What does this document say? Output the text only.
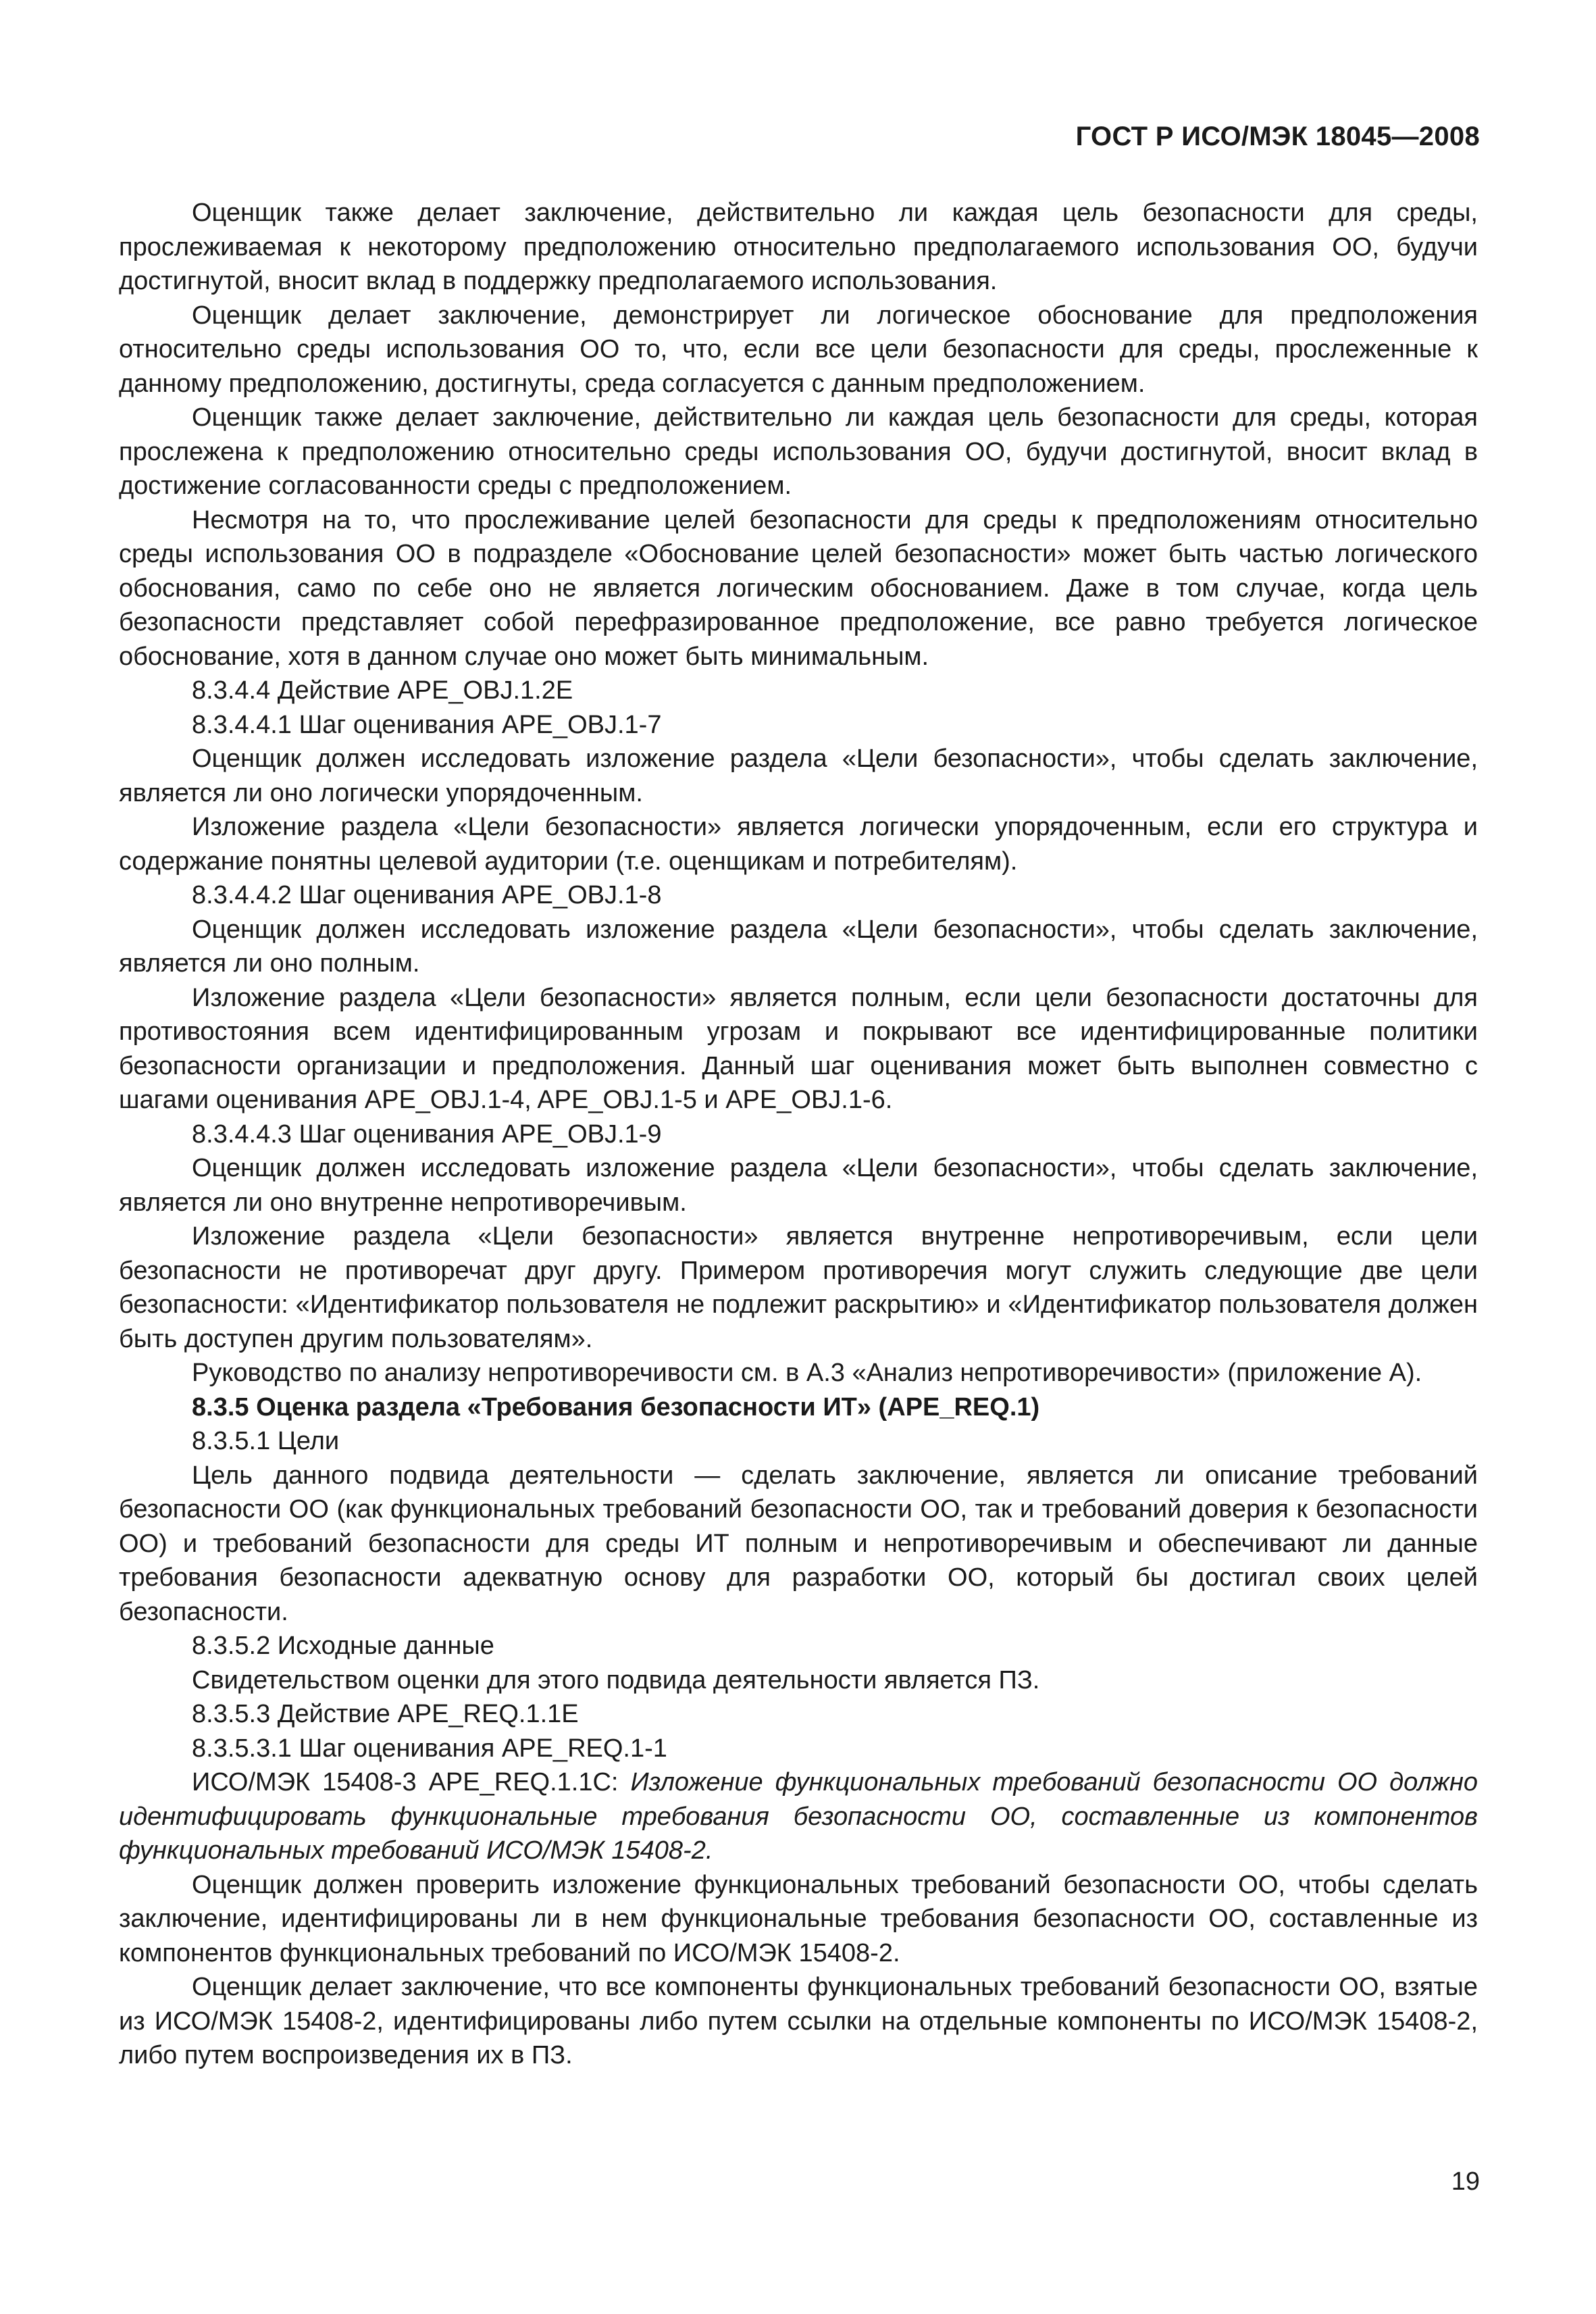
ГОСТ Р ИСО/МЭК 18045—2008

Оценщик также делает заключение, действительно ли каждая цель безопасности для среды, прослеживаемая к некоторому предположению относительно предполагаемого использования ОО, будучи достигнутой, вносит вклад в поддержку предполагаемого использования.

Оценщик делает заключение, демонстрирует ли логическое обоснование для предположения относительно среды использования ОО то, что, если все цели безопасности для среды, прослеженные к данному предположению, достигнуты, среда согласуется с данным предположением.

Оценщик также делает заключение, действительно ли каждая цель безопасности для среды, которая прослежена к предположению относительно среды использования ОО, будучи достигнутой, вносит вклад в достижение согласованности среды с предположением.

Несмотря на то, что прослеживание целей безопасности для среды к предположениям относительно среды использования ОО в подразделе «Обоснование целей безопасности» может быть частью логического обоснования, само по себе оно не является логическим обоснованием. Даже в том случае, когда цель безопасности представляет собой перефразированное предположение, все равно требуется логическое обоснование, хотя в данном случае оно может быть минимальным.

8.3.4.4 Действие APE_OBJ.1.2E

8.3.4.4.1 Шаг оценивания APE_OBJ.1-7

Оценщик должен исследовать изложение раздела «Цели безопасности», чтобы сделать заключение, является ли оно логически упорядоченным.

Изложение раздела «Цели безопасности» является логически упорядоченным, если его структура и содержание понятны целевой аудитории (т.е. оценщикам и потребителям).

8.3.4.4.2 Шаг оценивания APE_OBJ.1-8

Оценщик должен исследовать изложение раздела «Цели безопасности», чтобы сделать заключение, является ли оно полным.

Изложение раздела «Цели безопасности» является полным, если цели безопасности достаточны для противостояния всем идентифицированным угрозам и покрывают все идентифицированные политики безопасности организации и предположения. Данный шаг оценивания может быть выполнен совместно с шагами оценивания APE_OBJ.1-4, APE_OBJ.1-5 и APE_OBJ.1-6.

8.3.4.4.3 Шаг оценивания APE_OBJ.1-9

Оценщик должен исследовать изложение раздела «Цели безопасности», чтобы сделать заключение, является ли оно внутренне непротиворечивым.

Изложение раздела «Цели безопасности» является внутренне непротиворечивым, если цели безопасности не противоречат друг другу. Примером противоречия могут служить следующие две цели безопасности: «Идентификатор пользователя не подлежит раскрытию» и «Идентификатор пользователя должен быть доступен другим пользователям».

Руководство по анализу непротиворечивости см. в А.3 «Анализ непротиворечивости» (приложение А).

8.3.5 Оценка раздела «Требования безопасности ИТ» (APE_REQ.1)

8.3.5.1 Цели

Цель данного подвида деятельности — сделать заключение, является ли описание требований безопасности ОО (как функциональных требований безопасности ОО, так и требований доверия к безопасности ОО) и требований безопасности для среды ИТ полным и непротиворечивым и обеспечивают ли данные требования безопасности адекватную основу для разработки ОО, который бы достигал своих целей безопасности.

8.3.5.2 Исходные данные

Свидетельством оценки для этого подвида деятельности является ПЗ.

8.3.5.3 Действие APE_REQ.1.1E

8.3.5.3.1 Шаг оценивания APE_REQ.1-1

ИСО/МЭК 15408-3 APE_REQ.1.1C: Изложение функциональных требований безопасности ОО должно идентифицировать функциональные требования безопасности ОО, составленные из компонентов функциональных требований ИСО/МЭК 15408-2.

Оценщик должен проверить изложение функциональных требований безопасности ОО, чтобы сделать заключение, идентифицированы ли в нем функциональные требования безопасности ОО, составленные из компонентов функциональных требований по ИСО/МЭК 15408-2.

Оценщик делает заключение, что все компоненты функциональных требований безопасности ОО, взятые из ИСО/МЭК 15408-2, идентифицированы либо путем ссылки на отдельные компоненты по ИСО/МЭК 15408-2, либо путем воспроизведения их в ПЗ.

19
